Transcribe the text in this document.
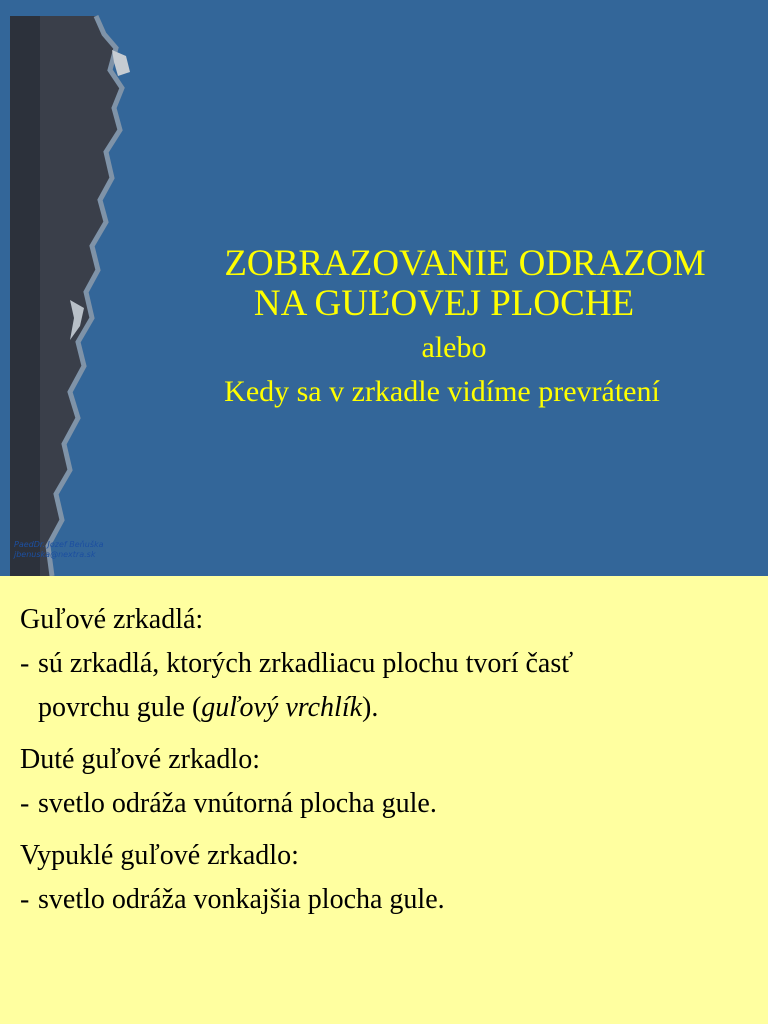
ZOBRAZOVANIE ODRAZOM
NA GUĽOVEJ PLOCHE
alebo
Kedy sa v zrkadle vidíme prevrátení
PaedDr. Jozef Beňuška
jbenuska@nextra.sk
Guľové zrkadlá:
- sú zrkadlá, ktorých zrkadliacu plochu tvorí časť
povrchu gule (guľový vrchlík).
Duté guľové zrkadlo:
- svetlo odráža vnútorná plocha gule.
Vypuklé guľové zrkadlo:
- svetlo odráža vonkajšia plocha gule.
